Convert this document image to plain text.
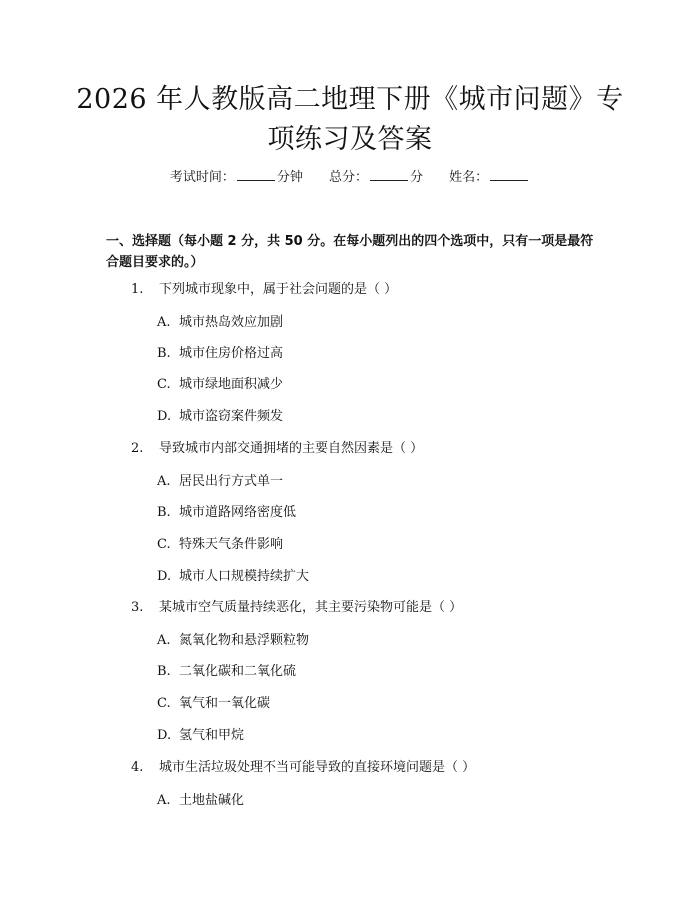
2026 年人教版高二地理下册《城市问题》专
项练习及答案
考试时间：	分钟 总分：	分 姓名：
一、选择题（每小题 2 分，共 50 分。在每小题列出的四个选项中，只有一项是最符合题目要求的。）
1. 下列城市现象中，属于社会问题的是（ ）
A. 城市热岛效应加剧
B. 城市住房价格过高
C. 城市绿地面积减少
D. 城市盗窃案件频发
2. 导致城市内部交通拥堵的主要自然因素是（ ）
A. 居民出行方式单一
B. 城市道路网络密度低
C. 特殊天气条件影响
D. 城市人口规模持续扩大
3. 某城市空气质量持续恶化，其主要污染物可能是（ ）
A. 氮氧化物和悬浮颗粒物
B. 二氧化碳和二氧化硫
C. 氧气和一氧化碳
D. 氢气和甲烷
4. 城市生活垃圾处理不当可能导致的直接环境问题是（ ）
A. 土地盐碱化
